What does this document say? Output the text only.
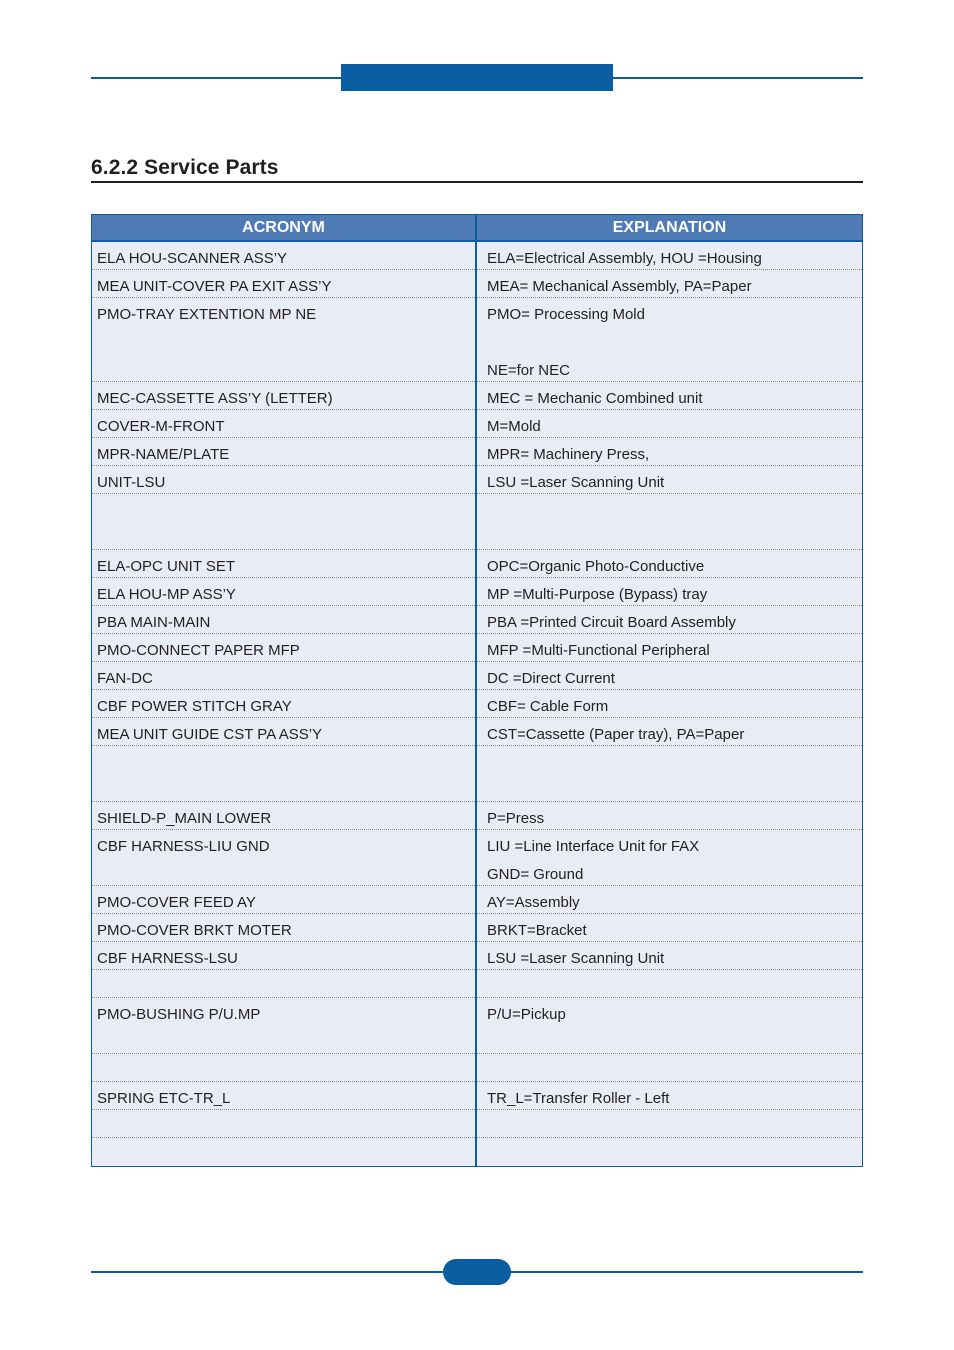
6.2.2 Service Parts
ACRONYM	EXPLANATION
ELA HOU-SCANNER ASS’Y
MEA UNIT-COVER PA EXIT ASS’Y
PMO-TRAY EXTENTION MP NE
MEC-CASSETTE ASS’Y (LETTER)
COVER-M-FRONT
MPR-NAME/PLATE
UNIT-LSU
ELA-OPC UNIT SET
ELA HOU-MP ASS’Y
PBA MAIN-MAIN
PMO-CONNECT PAPER MFP
FAN-DC
CBF POWER STITCH GRAY
MEA UNIT GUIDE CST PA ASS’Y
SHIELD-P_MAIN LOWER
CBF HARNESS-LIU GND
PMO-COVER FEED AY
PMO-COVER BRKT MOTER
CBF HARNESS-LSU
PMO-BUSHING P/U.MP
SPRING ETC-TR_L
ELA=Electrical Assembly, HOU =Housing
MEA= Mechanical Assembly, PA=Paper
PMO= Processing Mold
NE=for NEC
MEC = Mechanic Combined unit
M=Mold
MPR= Machinery Press,
LSU =Laser Scanning Unit
OPC=Organic Photo-Conductive
MP =Multi-Purpose (Bypass) tray
PBA =Printed Circuit Board Assembly
MFP =Multi-Functional Peripheral
DC =Direct Current
CBF= Cable Form
CST=Cassette (Paper tray), PA=Paper
P=Press
LIU =Line Interface Unit for FAX
GND= Ground
AY=Assembly
BRKT=Bracket
LSU =Laser Scanning Unit
P/U=Pickup
TR_L=Transfer Roller - Left
